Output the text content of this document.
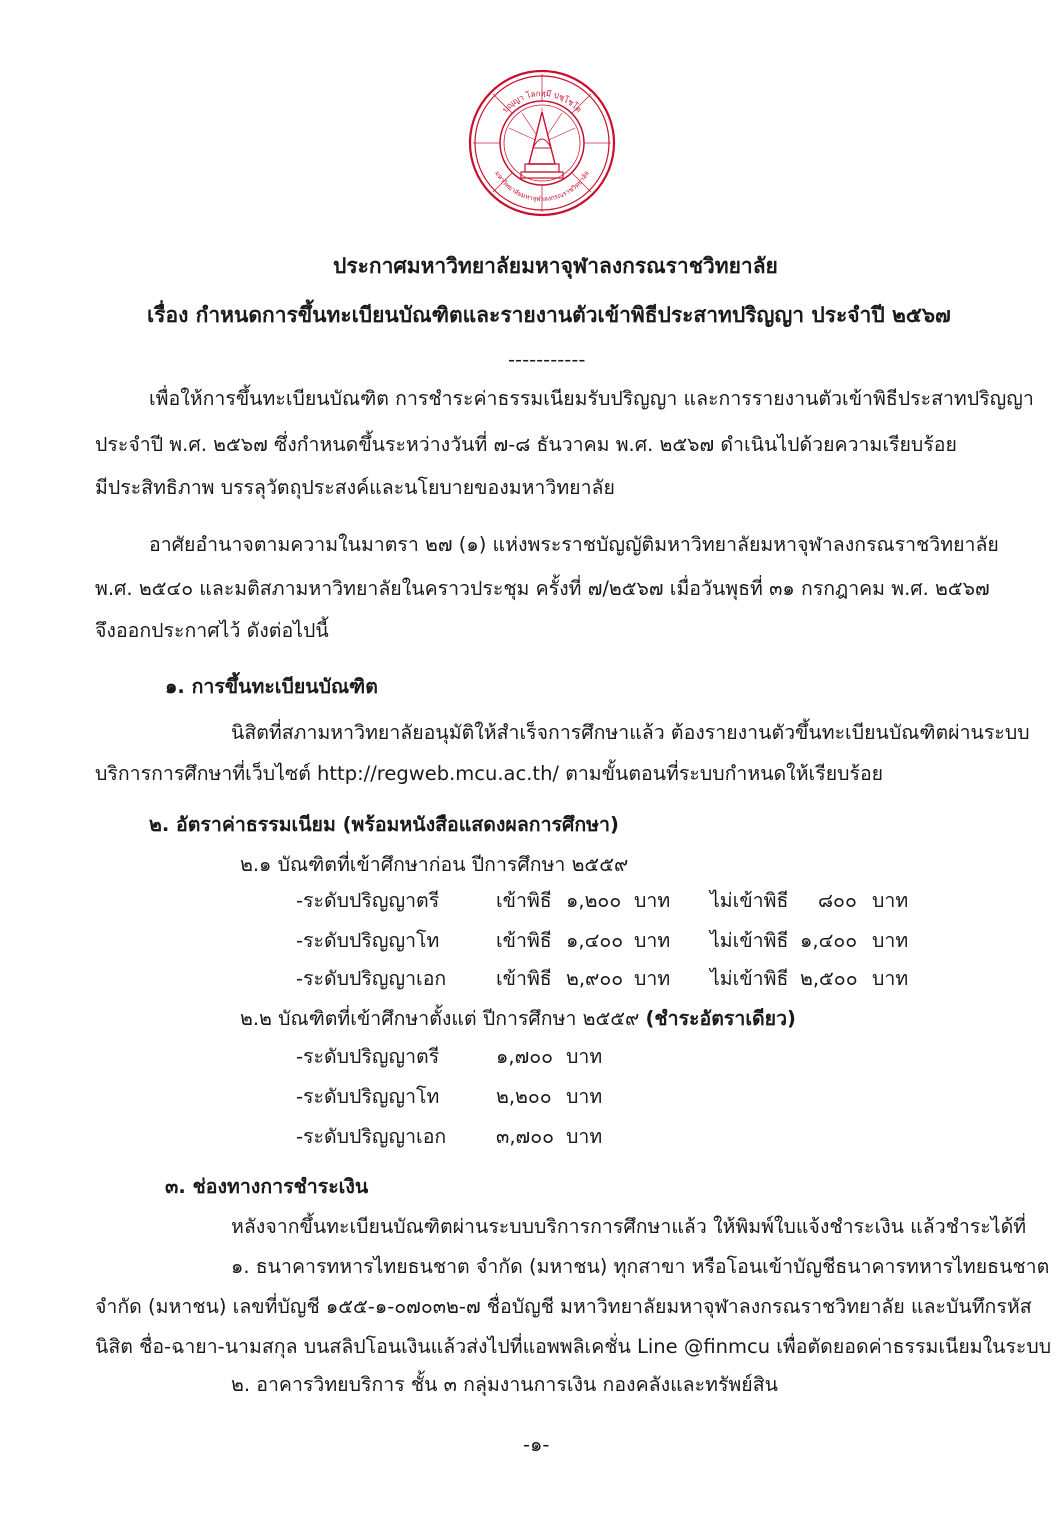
ปญฺญา โลกสฺมึ ปชฺโชโต
มหาวิทยาลัยมหาจุฬาลงกรณราชวิทยาลัย
ประกาศมหาวิทยาลัยมหาจุฬาลงกรณราชวิทยาลัย
เรื่อง กำหนดการขึ้นทะเบียนบัณฑิตและรายงานตัวเข้าพิธีประสาทปริญญา ประจำปี ๒๕๖๗
-----------
เพื่อให้การขึ้นทะเบียนบัณฑิต การชำระค่าธรรมเนียมรับปริญญา และการรายงานตัวเข้าพิธีประสาทปริญญา
ประจำปี พ.ศ. ๒๕๖๗ ซึ่งกำหนดขึ้นระหว่างวันที่ ๗-๘ ธันวาคม พ.ศ. ๒๕๖๗ ดำเนินไปด้วยความเรียบร้อย
มีประสิทธิภาพ บรรลุวัตถุประสงค์และนโยบายของมหาวิทยาลัย
อาศัยอำนาจตามความในมาตรา ๒๗ (๑) แห่งพระราชบัญญัติมหาวิทยาลัยมหาจุฬาลงกรณราชวิทยาลัย
พ.ศ. ๒๕๔๐ และมติสภามหาวิทยาลัยในคราวประชุม ครั้งที่ ๗/๒๕๖๗ เมื่อวันพุธที่ ๓๑ กรกฎาคม พ.ศ. ๒๕๖๗
จึงออกประกาศไว้ ดังต่อไปนี้
๑. การขึ้นทะเบียนบัณฑิต
นิสิตที่สภามหาวิทยาลัยอนุมัติให้สำเร็จการศึกษาแล้ว ต้องรายงานตัวขึ้นทะเบียนบัณฑิตผ่านระบบ
บริการการศึกษาที่เว็บไซต์ http://regweb.mcu.ac.th/ ตามขั้นตอนที่ระบบกำหนดให้เรียบร้อย
๒. อัตราค่าธรรมเนียม (พร้อมหนังสือแสดงผลการศึกษา)
๒.๑ บัณฑิตที่เข้าศึกษาก่อน ปีการศึกษา ๒๕๕๙
-ระดับปริญญาตรี	เข้าพิธี ๑,๒๐๐ บาท ไม่เข้าพิธี ๘๐๐ บาท
-ระดับปริญญาโท	เข้าพิธี ๑,๔๐๐ บาท ไม่เข้าพิธี ๑,๔๐๐ บาท
-ระดับปริญญาเอก	เข้าพิธี ๒,๙๐๐ บาท ไม่เข้าพิธี ๒,๕๐๐ บาท
๒.๒ บัณฑิตที่เข้าศึกษาตั้งแต่ ปีการศึกษา ๒๕๕๙ (ชำระอัตราเดียว)
-ระดับปริญญาตรี	๑,๗๐๐ บาท
-ระดับปริญญาโท	๒,๒๐๐ บาท
-ระดับปริญญาเอก	๓,๗๐๐ บาท
๓. ช่องทางการชำระเงิน
หลังจากขึ้นทะเบียนบัณฑิตผ่านระบบบริการการศึกษาแล้ว ให้พิมพ์ใบแจ้งชำระเงิน แล้วชำระได้ที่
๑. ธนาคารทหารไทยธนชาต จำกัด (มหาชน) ทุกสาขา หรือโอนเข้าบัญชีธนาคารทหารไทยธนชาต
จำกัด (มหาชน) เลขที่บัญชี ๑๕๕-๑-๐๗๐๓๒-๗ ชื่อบัญชี มหาวิทยาลัยมหาจุฬาลงกรณราชวิทยาลัย และบันทึกรหัส
นิสิต ชื่อ-ฉายา-นามสกุล บนสลิปโอนเงินแล้วส่งไปที่แอพพลิเคชั่น Line @finmcu เพื่อตัดยอดค่าธรรมเนียมในระบบ
๒. อาคารวิทยบริการ ชั้น ๓ กลุ่มงานการเงิน กองคลังและทรัพย์สิน
-๑-
